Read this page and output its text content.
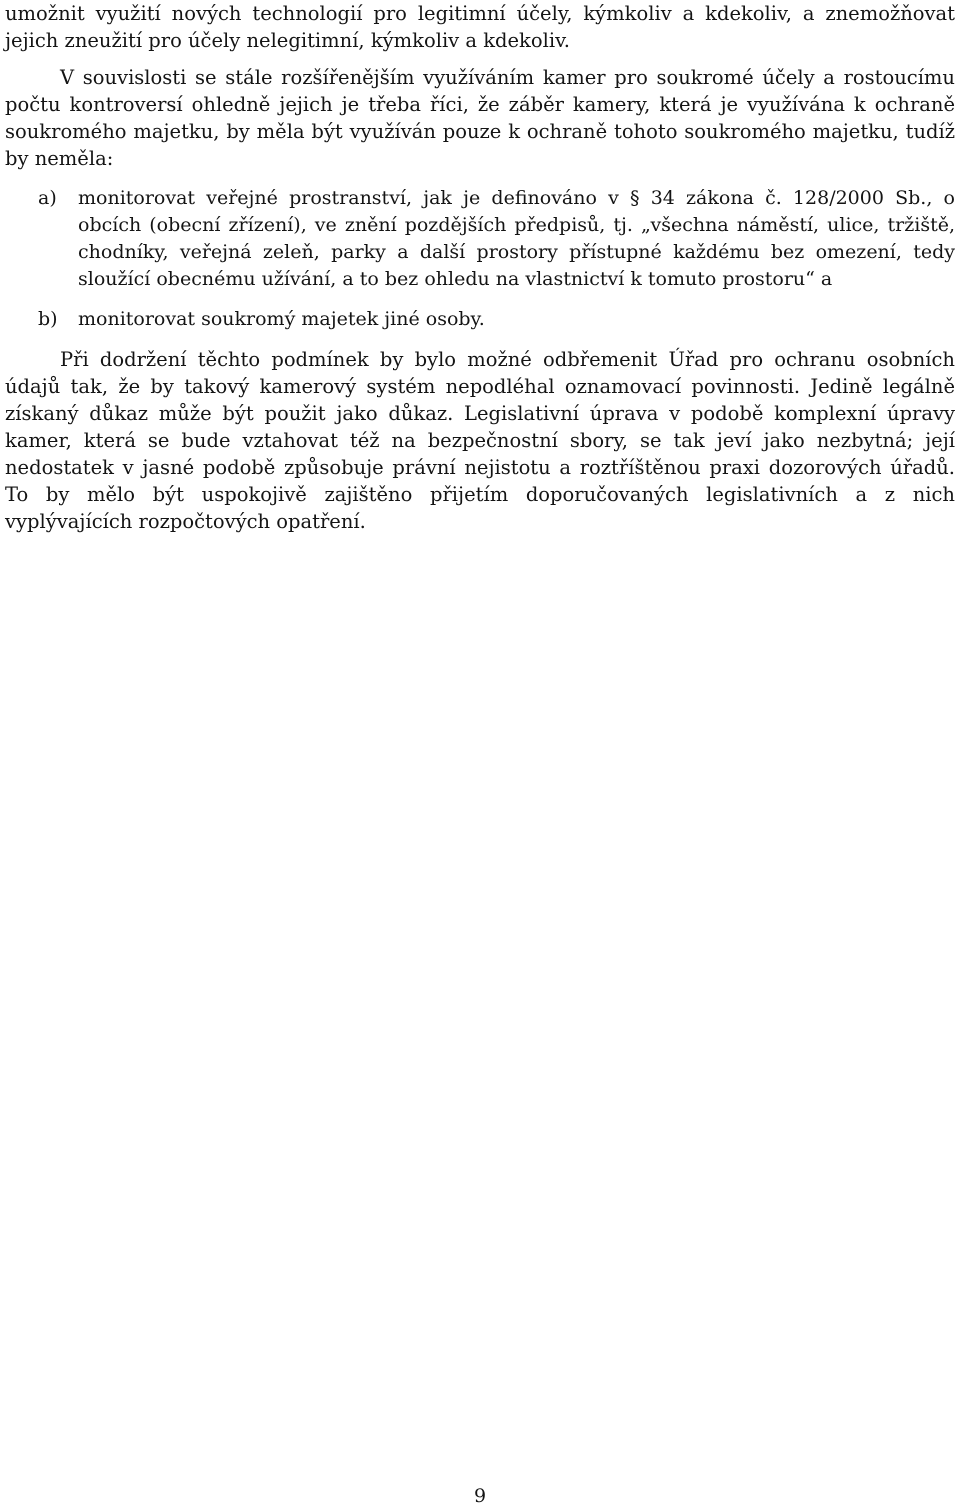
umožnit využití nových technologií pro legitimní účely, kýmkoliv a kdekoliv, a znemožňovat jejich zneužití pro účely nelegitimní, kýmkoliv a kdekoliv.

V souvislosti se stále rozšířenějším využíváním kamer pro soukromé účely a rostoucímu počtu kontroversí ohledně jejich je třeba říci, že záběr kamery, která je využívána k ochraně soukromého majetku, by měla být využíván pouze k ochraně tohoto soukromého majetku, tudíž by neměla:

a)	monitorovat veřejné prostranství, jak je definováno v § 34 zákona č. 128/2000 Sb., o obcích (obecní zřízení), ve znění pozdějších předpisů, tj. „všechna náměstí, ulice, tržiště, chodníky, veřejná zeleň, parky a další prostory přístupné každému bez omezení, tedy sloužící obecnému užívání, a to bez ohledu na vlastnictví k tomuto prostoru“ a
b)	monitorovat soukromý majetek jiné osoby.

Při dodržení těchto podmínek by bylo možné odbřemenit Úřad pro ochranu osobních údajů tak, že by takový kamerový systém nepodléhal oznamovací povinnosti. Jedině legálně získaný důkaz může být použit jako důkaz. Legislativní úprava v podobě komplexní úpravy kamer, která se bude vztahovat též na bezpečnostní sbory, se tak jeví jako nezbytná; její nedostatek v jasné podobě způsobuje právní nejistotu a roztříštěnou praxi dozorových úřadů. To by mělo být uspokojivě zajištěno přijetím doporučovaných legislativních a z nich vyplývajících rozpočtových opatření.

9
